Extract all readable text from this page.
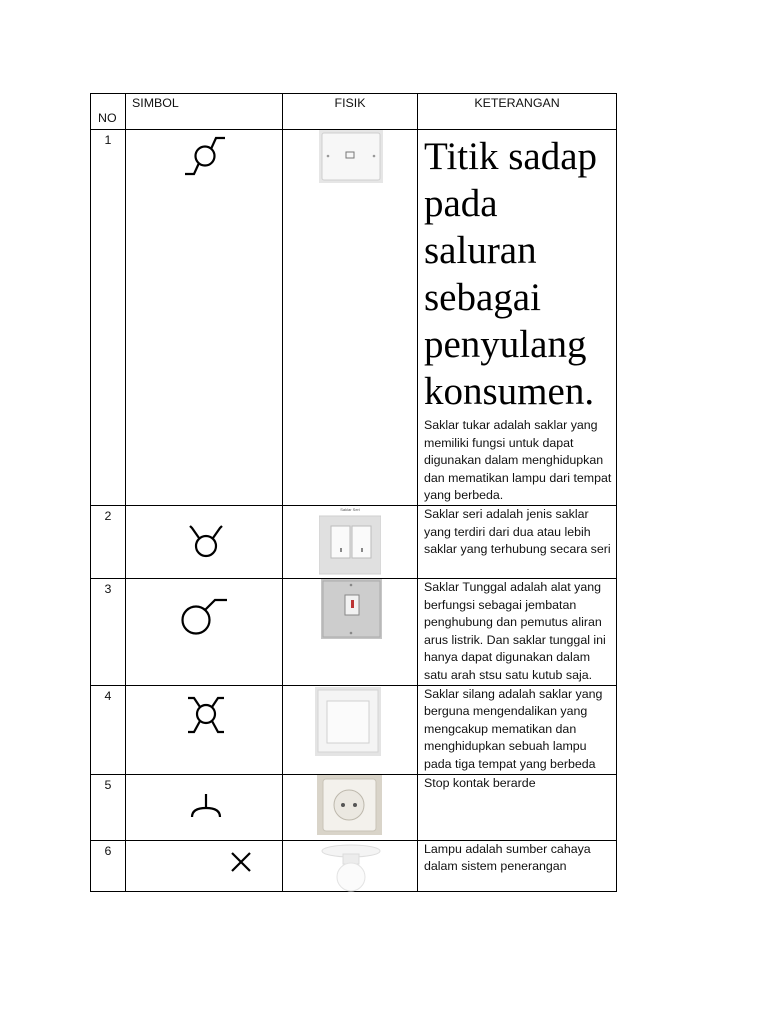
NO	SIMBOL	FISIK	KETERANGAN
1			Titik sadap pada saluran sebagai penyulang konsumen.

Saklar tukar adalah saklar yang memiliki fungsi untuk dapat digunakan dalam menghidupkan dan mematikan lampu dari tempat yang berbeda.

2		Saklar Seri	Saklar seri adalah jenis saklar yang terdiri dari dua atau lebih saklar yang terhubung secara seri

3			Saklar Tunggal adalah alat yang berfungsi sebagai jembatan penghubung dan pemutus aliran arus listrik. Dan saklar tunggal ini hanya dapat digunakan dalam satu arah stsu satu kutub saja.

4			Saklar silang adalah saklar yang berguna mengendalikan yang mengcakup mematikan dan menghidupkan sebuah lampu pada tiga tempat yang berbeda

5			Stop kontak berarde

6			Lampu adalah sumber cahaya dalam sistem penerangan
